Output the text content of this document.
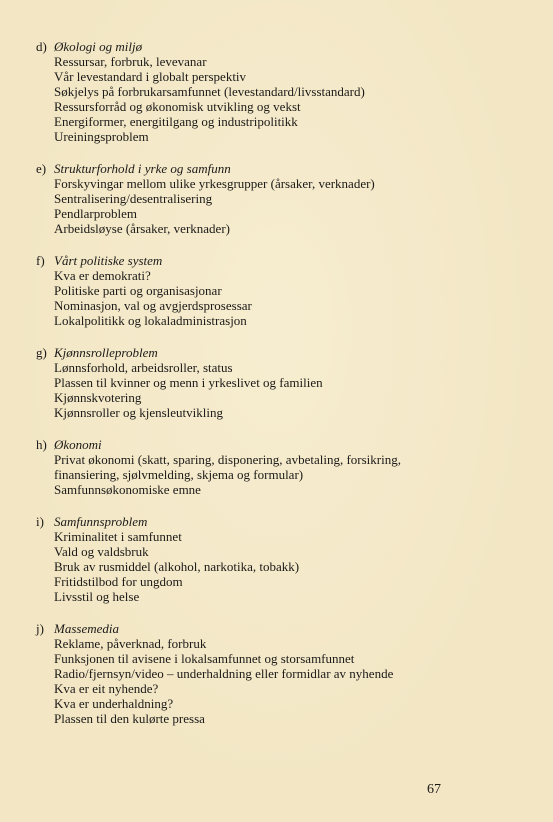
d) Økologi og miljø
Ressursar, forbruk, levevanar
Vår levestandard i globalt perspektiv
Søkjelys på forbrukarsamfunnet (levestandard/livsstandard)
Ressursforråd og økonomisk utvikling og vekst
Energiformer, energitilgang og industripolitikk
Ureiningsproblem
e) Strukturforhold i yrke og samfunn
Forskyvingar mellom ulike yrkesgrupper (årsaker, verknader)
Sentralisering/desentralisering
Pendlarproblem
Arbeidsløyse (årsaker, verknader)
f) Vårt politiske system
Kva er demokrati?
Politiske parti og organisasjonar
Nominasjon, val og avgjerdsprosessar
Lokalpolitikk og lokaladministrasjon
g) Kjønnsrolleproblem
Lønnsforhold, arbeidsroller, status
Plassen til kvinner og menn i yrkeslivet og familien
Kjønnskvotering
Kjønnsroller og kjensleutvikling
h) Økonomi
Privat økonomi (skatt, sparing, disponering, avbetaling, forsikring, finansiering, sjølvmelding, skjema og formular)
Samfunnsøkonomiske emne
i) Samfunnsproblem
Kriminalitet i samfunnet
Vald og valdsbruk
Bruk av rusmiddel (alkohol, narkotika, tobakk)
Fritidstilbod for ungdom
Livsstil og helse
j) Massemedia
Reklame, påverknad, forbruk
Funksjonen til avisene i lokalsamfunnet og storsamfunnet
Radio/fjernsyn/video – underhaldning eller formidlar av nyhende
Kva er eit nyhende?
Kva er underhaldning?
Plassen til den kulørte pressa
67
